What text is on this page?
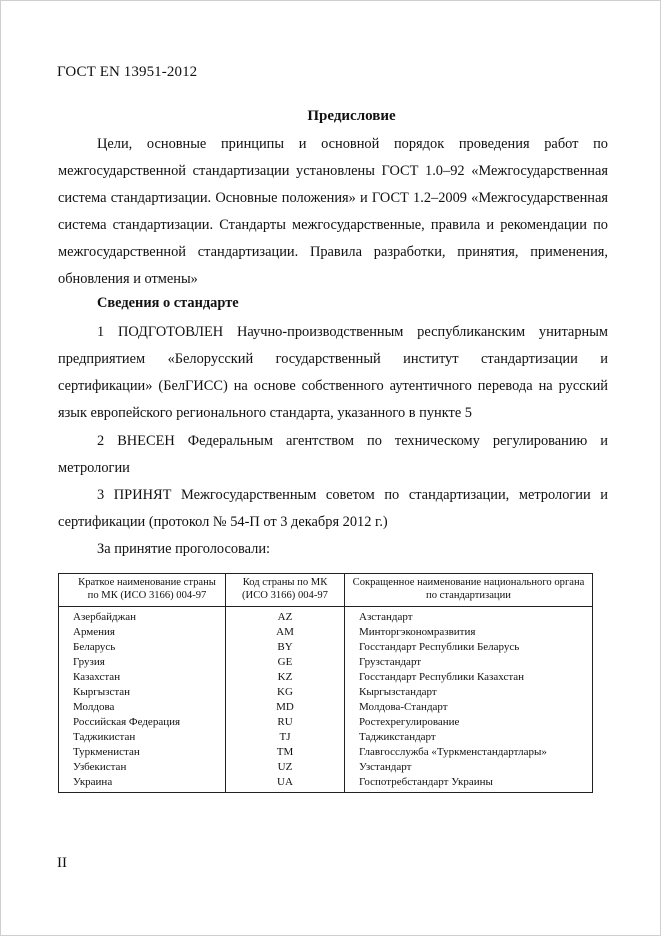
ГОСТ EN 13951-2012
Предисловие

Цели, основные принципы и основной порядок проведения работ по межгосударственной стандартизации установлены ГОСТ 1.0–92 «Межгосударственная система стандартизации. Основные положения» и ГОСТ 1.2–2009 «Межгосударственная система стандартизации. Стандарты межгосударственные, правила и рекомендации по межгосударственной стандартизации. Правила разработки, принятия, применения, обновления и отмены»

Сведения о стандарте

1 ПОДГОТОВЛЕН Научно-производственным республиканским унитарным предприятием «Белорусский государственный институт стандартизации и сертификации» (БелГИСС) на основе собственного аутентичного перевода на русский язык европейского регионального стандарта, указанного в пункте 5

2 ВНЕСЕН Федеральным агентством по техническому регулированию и метрологии

3 ПРИНЯТ Межгосударственным советом по стандартизации, метрологии и сертификации (протокол № 54-П от 3 декабря 2012 г.)

За принятие проголосовали:

Краткое наименование страны по МК (ИСО 3166) 004-97	Код страны по МК (ИСО 3166) 004-97	Сокращенное наименование национального органа по стандартизации
Азербайджан	AZ	Азстандарт
Армения	AM	Минторгэкономразвития
Беларусь	BY	Госстандарт Республики Беларусь
Грузия	GE	Грузстандарт
Казахстан	KZ	Госстандарт Республики Казахстан
Кыргызстан	KG	Кыргызстандарт
Молдова	MD	Молдова-Стандарт
Российская Федерация	RU	Ростехрегулирование
Таджикистан	TJ	Таджикстандарт
Туркменистан	TM	Главгосслужба «Туркменстандартлары»
Узбекистан	UZ	Узстандарт
Украина	UA	Госпотребстандарт Украины
II
